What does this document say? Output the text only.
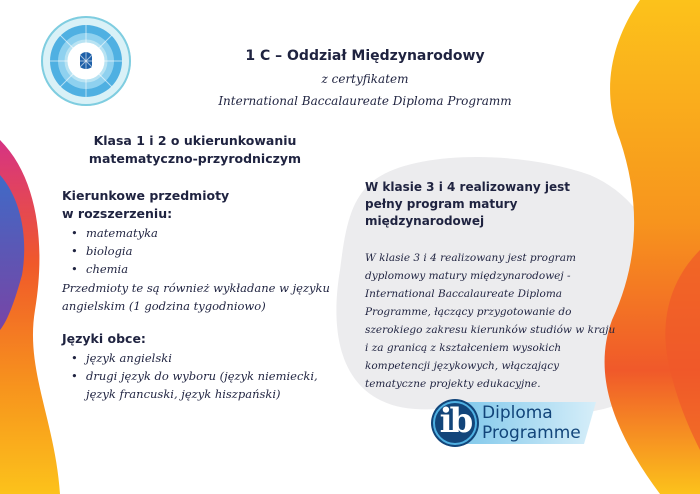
1 C – Oddział Międzynarodowy
z certyfikatem
International Baccalaureate Diploma Programm
Klasa 1 i 2 o ukierunkowaniu
matematyczno-przyrodniczym
Kierunkowe przedmioty
w rozszerzeniu:
• matematyka
• biologia
• chemia
Przedmioty te są również wykładane w języku angielskim (1 godzina tygodniowo)
Języki obce:
• język angielski
• drugi język do wyboru (język niemiecki, język francuski, język hiszpański)
W klasie 3 i 4 realizowany jest
pełny program matury
międzynarodowej
W klasie 3 i 4 realizowany jest program dyplomowy matury międzynarodowej - International Baccalaureate Diploma Programme, łączący przygotowanie do szerokiego zakresu kierunków studiów w kraju i za granicą z kształceniem wysokich kompetencji językowych, włączający tematyczne projekty edukacyjne.
ib Diploma
Programme
